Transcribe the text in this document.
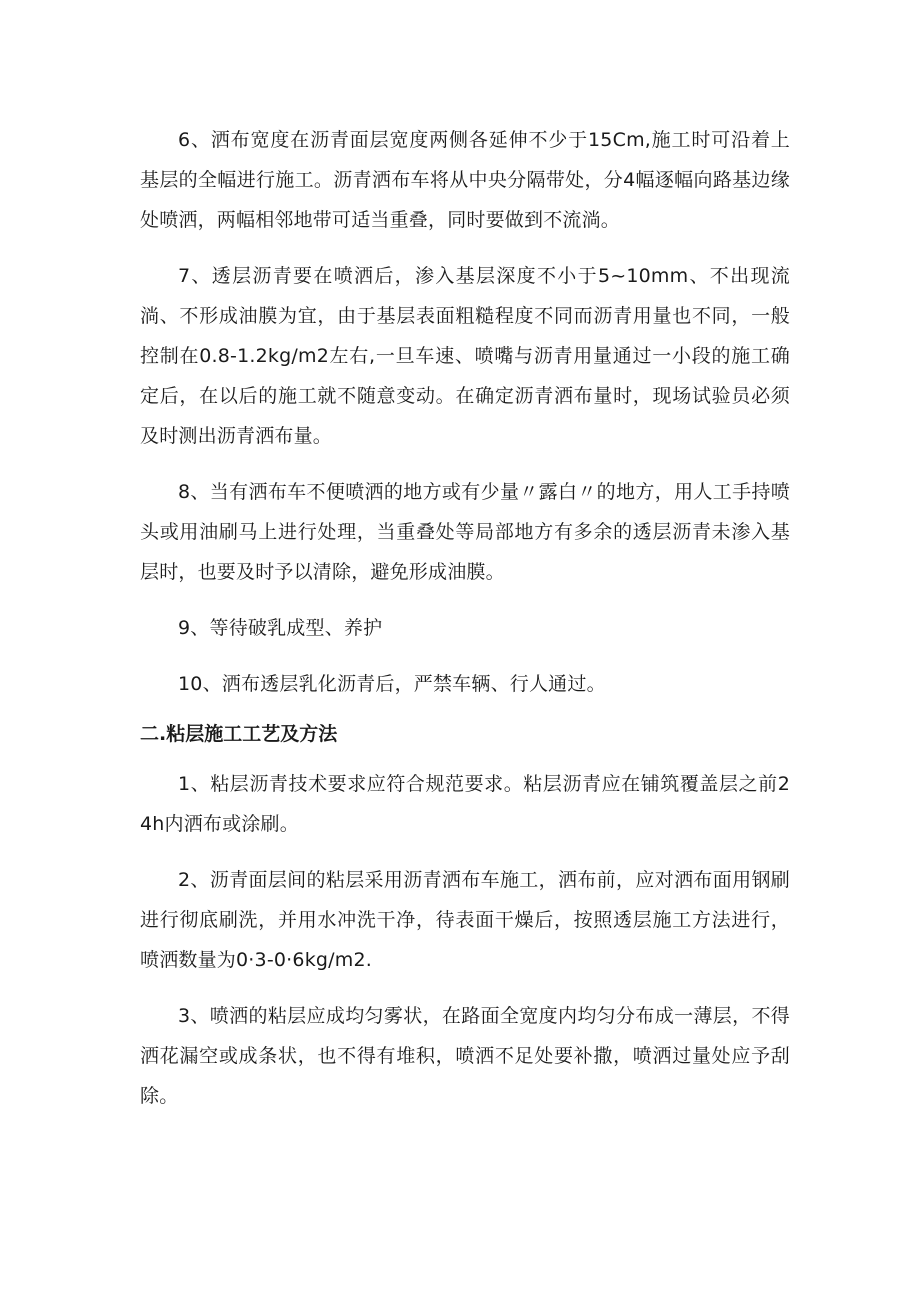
6、洒布宽度在沥青面层宽度两侧各延伸不少于15Cm,施工时可沿着上基层的全幅进行施工。沥青洒布车将从中央分隔带处，分4幅逐幅向路基边缘处喷洒，两幅相邻地带可适当重叠，同时要做到不流淌。

7、透层沥青要在喷洒后，渗入基层深度不小于5~10mm、不出现流淌、不形成油膜为宜，由于基层表面粗糙程度不同而沥青用量也不同，一般控制在0.8-1.2kg/m2左右,一旦车速、喷嘴与沥青用量通过一小段的施工确定后，在以后的施工就不随意变动。在确定沥青洒布量时，现场试验员必须及时测出沥青洒布量。

8、当有洒布车不便喷洒的地方或有少量〃露白〃的地方，用人工手持喷头或用油刷马上进行处理，当重叠处等局部地方有多余的透层沥青未渗入基层时，也要及时予以清除，避免形成油膜。

9、等待破乳成型、养护

10、洒布透层乳化沥青后，严禁车辆、行人通过。

二.粘层施工工艺及方法

1、粘层沥青技术要求应符合规范要求。粘层沥青应在铺筑覆盖层之前24h内洒布或涂刷。

2、沥青面层间的粘层采用沥青洒布车施工，洒布前，应对洒布面用钢刷进行彻底刷洗，并用水冲洗干净，待表面干燥后，按照透层施工方法进行，喷洒数量为0·3-0·6kg/m2.

3、喷洒的粘层应成均匀雾状，在路面全宽度内均匀分布成一薄层，不得洒花漏空或成条状，也不得有堆积，喷洒不足处要补撒，喷洒过量处应予刮除。
